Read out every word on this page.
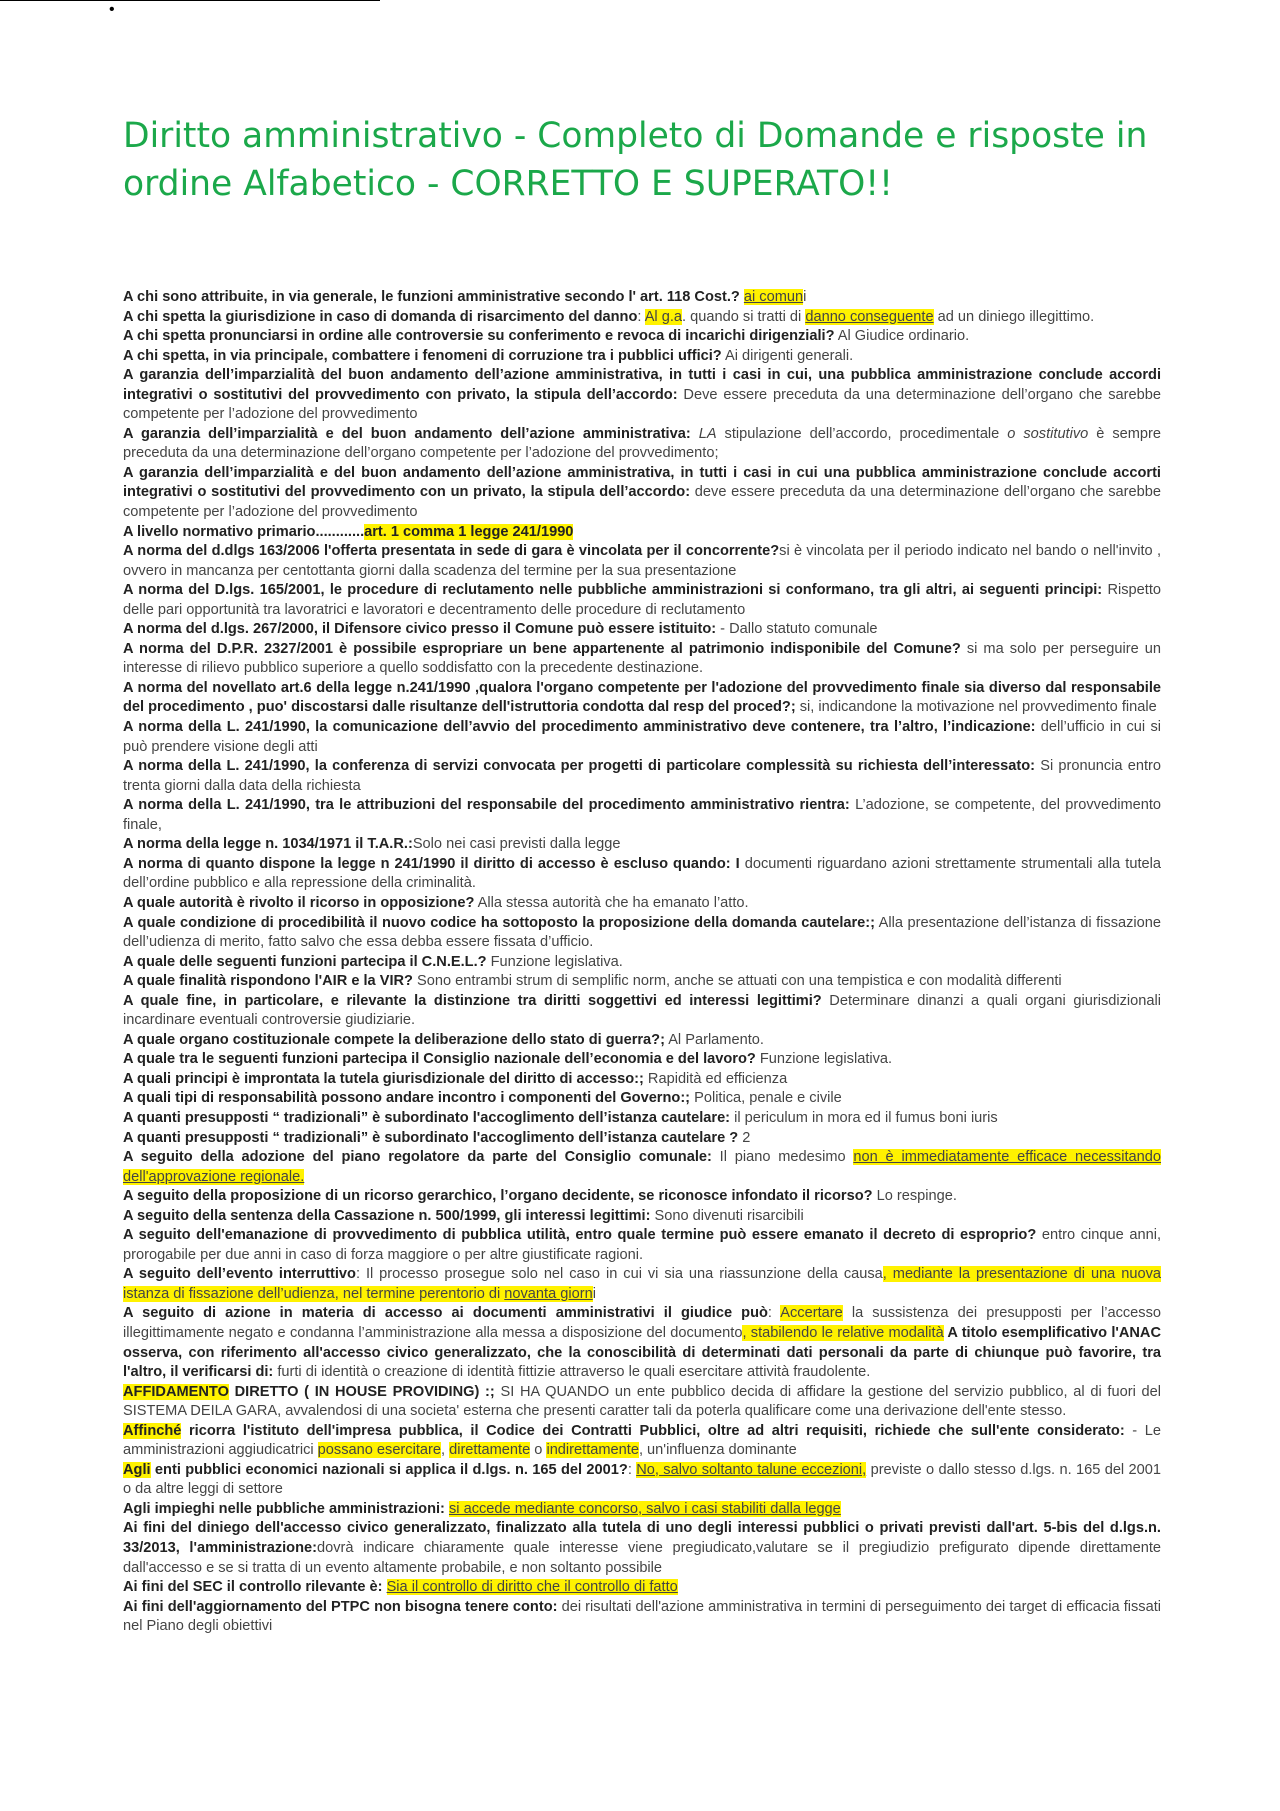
•
Diritto amministrativo - Completo di Domande e risposte in ordine Alfabetico - CORRETTO E SUPERATO!!

A chi sono attribuite, in via generale, le funzioni amministrative secondo l' art. 118 Cost.? ai comuni

A chi spetta la giurisdizione in caso di domanda di risarcimento del danno: Al g.a. quando si tratti di danno conseguente ad un diniego illegittimo.

A chi spetta pronunciarsi in ordine alle controversie su conferimento e revoca di incarichi dirigenziali? Al Giudice ordinario.

A chi spetta, in via principale, combattere i fenomeni di corruzione tra i pubblici uffici? Ai dirigenti generali.

A garanzia dell’imparzialità del buon andamento dell’azione amministrativa, in tutti i casi in cui, una pubblica amministrazione conclude accordi integrativi o sostitutivi del provvedimento con privato, la stipula dell’accordo: Deve essere preceduta da una determinazione dell’organo che sarebbe competente per l’adozione del provvedimento

A garanzia dell’imparzialità e del buon andamento dell’azione amministrativa: LA stipulazione dell’accordo, procedimentale o sostitutivo è sempre preceduta da una determinazione dell’organo competente per l’adozione del provvedimento;

A garanzia dell’imparzialità e del buon andamento dell’azione amministrativa, in tutti i casi in cui una pubblica amministrazione conclude accorti integrativi o sostitutivi del provvedimento con un privato, la stipula dell’accordo: deve essere preceduta da una determinazione dell’organo che sarebbe competente per l’adozione del provvedimento

A livello normativo primario............art. 1 comma 1 legge 241/1990

A norma del d.dlgs 163/2006 l'offerta presentata in sede di gara è vincolata per il concorrente?si è vincolata per il periodo indicato nel bando o nell'invito , ovvero in mancanza per centottanta giorni dalla scadenza del termine per la sua presentazione

A norma del D.lgs. 165/2001, le procedure di reclutamento nelle pubbliche amministrazioni si conformano, tra gli altri, ai seguenti principi: Rispetto delle pari opportunità tra lavoratrici e lavoratori e decentramento delle procedure di reclutamento

A norma del d.lgs. 267/2000, il Difensore civico presso il Comune può essere istituito: - Dallo statuto comunale

A norma del D.P.R. 2327/2001 è possibile espropriare un bene appartenente al patrimonio indisponibile del Comune? si ma solo per perseguire un interesse di rilievo pubblico superiore a quello soddisfatto con la precedente destinazione.

A norma del novellato art.6 della legge n.241/1990 ,qualora l'organo competente per l'adozione del provvedimento finale sia diverso dal responsabile del procedimento , puo' discostarsi dalle risultanze dell'istruttoria condotta dal resp del proced?; si, indicandone la motivazione nel provvedimento finale

A norma della L. 241/1990, la comunicazione dell’avvio del procedimento amministrativo deve contenere, tra l’altro, l’indicazione: dell’ufficio in cui si può prendere visione degli atti

A norma della L. 241/1990, la conferenza di servizi convocata per progetti di particolare complessità su richiesta dell’interessato: Si pronuncia entro trenta giorni dalla data della richiesta

A norma della L. 241/1990, tra le attribuzioni del responsabile del procedimento amministrativo rientra: L’adozione, se competente, del provvedimento finale,

A norma della legge n. 1034/1971 il T.A.R.:Solo nei casi previsti dalla legge

A norma di quanto dispone la legge n 241/1990 il diritto di accesso è escluso quando: I documenti riguardano azioni strettamente strumentali alla tutela dell’ordine pubblico e alla repressione della criminalità.

A quale autorità è rivolto il ricorso in opposizione? Alla stessa autorità che ha emanato l’atto.

A quale condizione di procedibilità il nuovo codice ha sottoposto la proposizione della domanda cautelare:; Alla presentazione dell’istanza di fissazione dell’udienza di merito, fatto salvo che essa debba essere fissata d’ufficio.

A quale delle seguenti funzioni partecipa il C.N.E.L.? Funzione legislativa.

A quale finalità rispondono l'AIR e la VIR? Sono entrambi strum di semplific norm, anche se attuati con una tempistica e con modalità differenti

A quale fine, in particolare, e rilevante la distinzione tra diritti soggettivi ed interessi legittimi? Determinare dinanzi a quali organi giurisdizionali incardinare eventuali controversie giudiziarie.

A quale organo costituzionale compete la deliberazione dello stato di guerra?; Al Parlamento.

A quale tra le seguenti funzioni partecipa il Consiglio nazionale dell’economia e del lavoro? Funzione legislativa.

A quali principi è improntata la tutela giurisdizionale del diritto di accesso:; Rapidità ed efficienza

A quali tipi di responsabilità possono andare incontro i componenti del Governo:; Politica, penale e civile

A quanti presupposti “ tradizionali” è subordinato l'accoglimento dell’istanza cautelare: il periculum in mora ed il fumus boni iuris

A quanti presupposti “ tradizionali” è subordinato l'accoglimento dell’istanza cautelare ? 2

A seguito della adozione del piano regolatore da parte del Consiglio comunale: Il piano medesimo non è immediatamente efficace necessitando dell'approvazione regionale.

A seguito della proposizione di un ricorso gerarchico, l’organo decidente, se riconosce infondato il ricorso? Lo respinge.

A seguito della sentenza della Cassazione n. 500/1999, gli interessi legittimi: Sono divenuti risarcibili

A seguito dell'emanazione di provvedimento di pubblica utilità, entro quale termine può essere emanato il decreto di esproprio? entro cinque anni, prorogabile per due anni in caso di forza maggiore o per altre giustificate ragioni.

A seguito dell’evento interruttivo: Il processo prosegue solo nel caso in cui vi sia una riassunzione della causa, mediante la presentazione di una nuova istanza di fissazione dell’udienza, nel termine perentorio di novanta giorni

A seguito di azione in materia di accesso ai documenti amministrativi il giudice può: Accertare la sussistenza dei presupposti per l’accesso illegittimamente negato e condanna l’amministrazione alla messa a disposizione del documento, stabilendo le relative modalità A titolo esemplificativo l'ANAC osserva, con riferimento all'accesso civico generalizzato, che la conoscibilità di determinati dati personali da parte di chiunque può favorire, tra l'altro, il verificarsi di: furti di identità o creazione di identità fittizie attraverso le quali esercitare attività fraudolente.

AFFIDAMENTO DIRETTO ( IN HOUSE PROVIDING) :; SI HA QUANDO un ente pubblico decida di affidare la gestione del servizio pubblico, al di fuori del SISTEMA DEILA GARA, avvalendosi di una societa' esterna che presenti caratter tali da poterla qualificare come una derivazione dell'ente stesso.

Affinché ricorra l'istituto dell'impresa pubblica, il Codice dei Contratti Pubblici, oltre ad altri requisiti, richiede che sull'ente considerato: - Le amministrazioni aggiudicatrici possano esercitare, direttamente o indirettamente, un'influenza dominante

Agli enti pubblici economici nazionali si applica il d.lgs. n. 165 del 2001?: No, salvo soltanto talune eccezioni, previste o dallo stesso d.lgs. n. 165 del 2001 o da altre leggi di settore

Agli impieghi nelle pubbliche amministrazioni: si accede mediante concorso, salvo i casi stabiliti dalla legge

Ai fini del diniego dell'accesso civico generalizzato, finalizzato alla tutela di uno degli interessi pubblici o privati previsti dall'art. 5-bis del d.lgs.n. 33/2013, l'amministrazione:dovrà indicare chiaramente quale interesse viene pregiudicato,valutare se il pregiudizio prefigurato dipende direttamente dall'accesso e se si tratta di un evento altamente probabile, e non soltanto possibile

Ai fini del SEC il controllo rilevante è: Sia il controllo di diritto che il controllo di fatto

Ai fini dell'aggiornamento del PTPC non bisogna tenere conto: dei risultati dell'azione amministrativa in termini di perseguimento dei target di efficacia fissati nel Piano degli obiettivi
